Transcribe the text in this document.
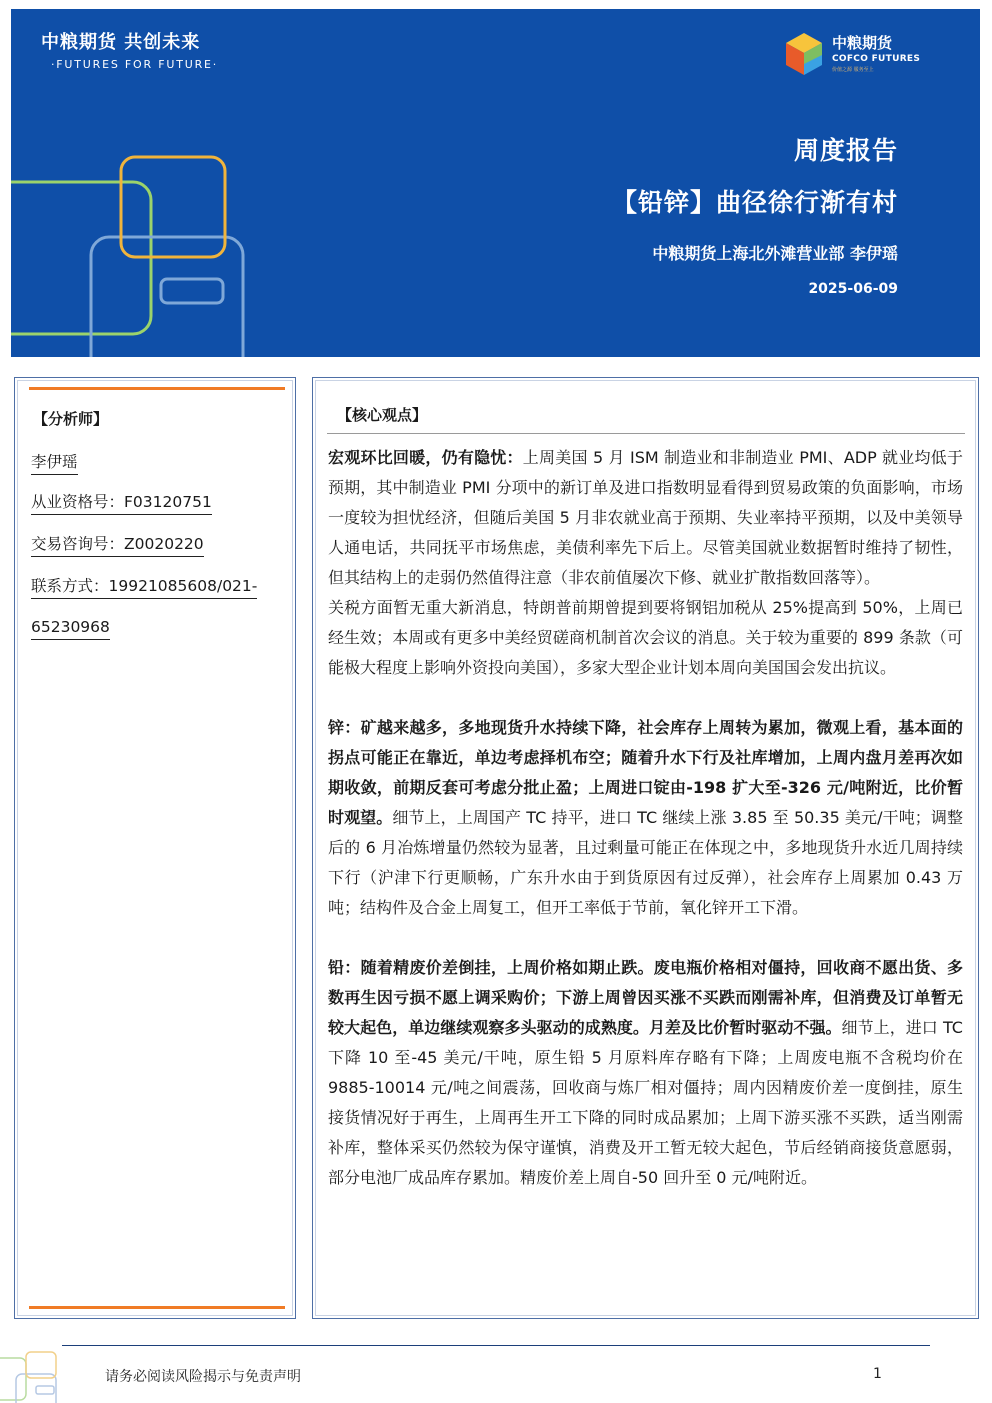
中粮期货 共创未来
·FUTURES FOR FUTURE·
中粮期货
COFCO FUTURES
价值之源 服务至上
周度报告
【铅锌】曲径徐行渐有村
中粮期货上海北外滩营业部 李伊瑶
2025-06-09
【分析师】
李伊瑶
从业资格号：F03120751
交易咨询号：Z0020220
联系方式：19921085608/021-
65230968
【核心观点】

宏观环比回暖，仍有隐忧：上周美国 5 月 ISM 制造业和非制造业 PMI、ADP 就业均低于预期，其中制造业 PMI 分项中的新订单及进口指数明显看得到贸易政策的负面影响，市场一度较为担忧经济，但随后美国 5 月非农就业高于预期、失业率持平预期，以及中美领导人通电话，共同抚平市场焦虑，美债利率先下后上。尽管美国就业数据暂时维持了韧性，但其结构上的走弱仍然值得注意（非农前值屡次下修、就业扩散指数回落等）。

关税方面暂无重大新消息，特朗普前期曾提到要将钢铝加税从 25%提高到 50%，上周已经生效；本周或有更多中美经贸磋商机制首次会议的消息。关于较为重要的 899 条款（可能极大程度上影响外资投向美国），多家大型企业计划本周向美国国会发出抗议。

锌：矿越来越多，多地现货升水持续下降，社会库存上周转为累加，微观上看，基本面的拐点可能正在靠近，单边考虑择机布空；随着升水下行及社库增加，上周内盘月差再次如期收敛，前期反套可考虑分批止盈；上周进口锭由-198 扩大至-326 元/吨附近，比价暂时观望。细节上，上周国产 TC 持平，进口 TC 继续上涨 3.85 至 50.35 美元/干吨；调整后的 6 月冶炼增量仍然较为显著，且过剩量可能正在体现之中，多地现货升水近几周持续下行（沪津下行更顺畅，广东升水由于到货原因有过反弹），社会库存上周累加 0.43 万吨；结构件及合金上周复工，但开工率低于节前，氧化锌开工下滑。

铅：随着精废价差倒挂，上周价格如期止跌。废电瓶价格相对僵持，回收商不愿出货、多数再生因亏损不愿上调采购价；下游上周曾因买涨不买跌而刚需补库，但消费及订单暂无较大起色，单边继续观察多头驱动的成熟度。月差及比价暂时驱动不强。细节上，进口 TC 下降 10 至-45 美元/干吨，原生铅 5 月原料库存略有下降；上周废电瓶不含税均价在 9885-10014 元/吨之间震荡，回收商与炼厂相对僵持；周内因精废价差一度倒挂，原生接货情况好于再生，上周再生开工下降的同时成品累加；上周下游买涨不买跌，适当刚需补库，整体采买仍然较为保守谨慎，消费及开工暂无较大起色，节后经销商接货意愿弱，部分电池厂成品库存累加。精废价差上周自-50 回升至 0 元/吨附近。

请务必阅读风险揭示与免责声明	1
